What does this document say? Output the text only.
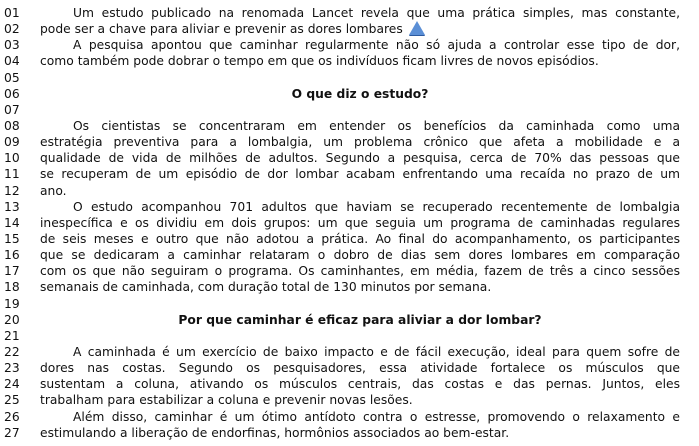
01	Um estudo publicado na renomada Lancet revela que uma prática simples, mas constante,
02	pode ser a chave para aliviar e prevenir as dores lombares
03	A pesquisa apontou que caminhar regularmente não só ajuda a controlar esse tipo de dor,
04	como também pode dobrar o tempo em que os indivíduos ficam livres de novos episódios.
05
06	O que diz o estudo?
07
08	Os cientistas se concentraram em entender os benefícios da caminhada como uma
09	estratégia preventiva para a lombalgia, um problema crônico que afeta a mobilidade e a
10	qualidade de vida de milhões de adultos. Segundo a pesquisa, cerca de 70% das pessoas que
11	se recuperam de um episódio de dor lombar acabam enfrentando uma recaída no prazo de um
12	ano.
13	O estudo acompanhou 701 adultos que haviam se recuperado recentemente de lombalgia
14	inespecífica e os dividiu em dois grupos: um que seguia um programa de caminhadas regulares
15	de seis meses e outro que não adotou a prática. Ao final do acompanhamento, os participantes
16	que se dedicaram a caminhar relataram o dobro de dias sem dores lombares em comparação
17	com os que não seguiram o programa. Os caminhantes, em média, fazem de três a cinco sessões
18	semanais de caminhada, com duração total de 130 minutos por semana.
19
20	Por que caminhar é eficaz para aliviar a dor lombar?
21
22	A caminhada é um exercício de baixo impacto e de fácil execução, ideal para quem sofre de
23	dores nas costas. Segundo os pesquisadores, essa atividade fortalece os músculos que
24	sustentam a coluna, ativando os músculos centrais, das costas e das pernas. Juntos, eles
25	trabalham para estabilizar a coluna e prevenir novas lesões.
26	Além disso, caminhar é um ótimo antídoto contra o estresse, promovendo o relaxamento e
27	estimulando a liberação de endorfinas, hormônios associados ao bem-estar.
